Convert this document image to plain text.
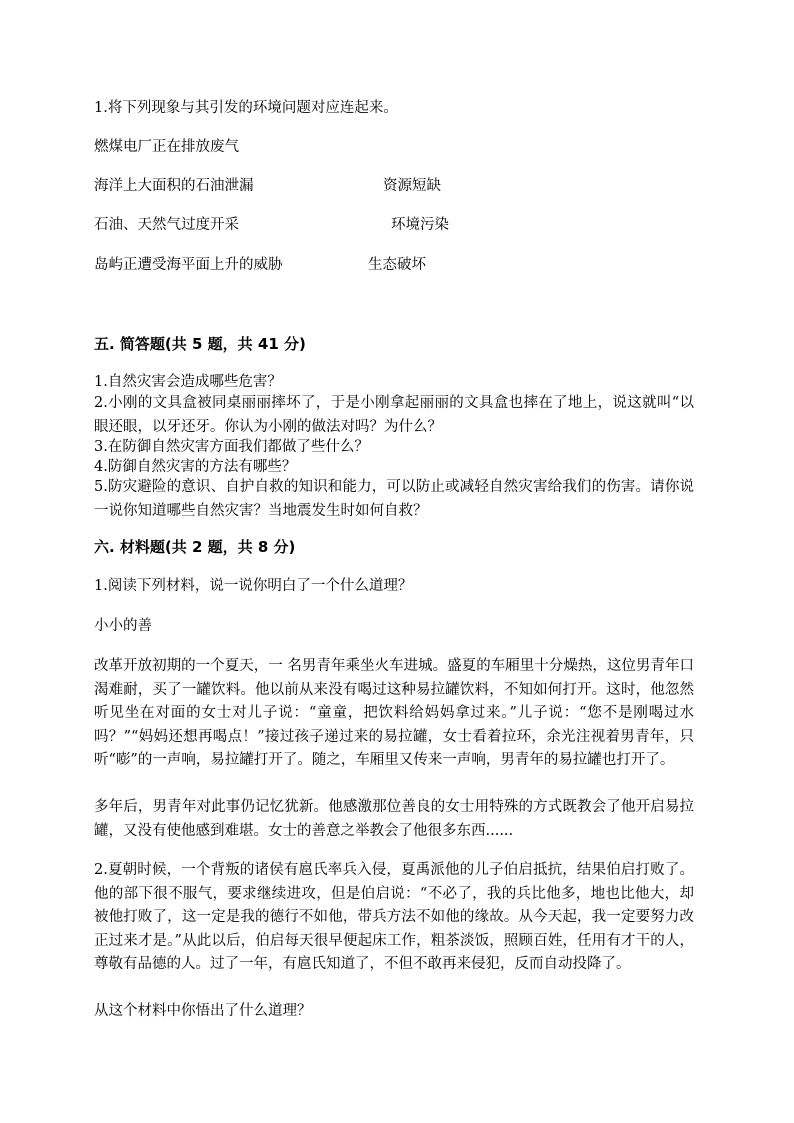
1.将下列现象与其引发的环境问题对应连起来。
燃煤电厂正在排放废气
海洋上大面积的石油泄漏	资源短缺
石油、天然气过度开采	环境污染
岛屿正遭受海平面上升的威胁	生态破坏
五. 简答题(共 5 题，共 41 分)
1.自然灾害会造成哪些危害？
2.小刚的文具盒被同桌丽丽摔坏了，于是小刚拿起丽丽的文具盒也摔在了地上，说这就叫“以眼还眼，以牙还牙。你认为小刚的做法对吗？为什么？
3.在防御自然灾害方面我们都做了些什么？
4.防御自然灾害的方法有哪些？
5.防灾避险的意识、自护自救的知识和能力，可以防止或减轻自然灾害给我们的伤害。请你说一说你知道哪些自然灾害？当地震发生时如何自救？
六. 材料题(共 2 题，共 8 分)
1.阅读下列材料，说一说你明白了一个什么道理？
小小的善
改革开放初期的一个夏天，一 名男青年乘坐火车进城。盛夏的车厢里十分燥热，这位男青年口渴难耐，买了一罐饮料。他以前从来没有喝过这种易拉罐饮料，不知如何打开。这时，他忽然听见坐在对面的女士对儿子说：“童童，把饮料给妈妈拿过来。”儿子说：“您不是刚喝过水吗？”“妈妈还想再喝点！”接过孩子递过来的易拉罐，女士看着拉环，余光注视着男青年，只听“嘭”的一声响，易拉罐打开了。随之，车厢里又传来一声响，男青年的易拉罐也打开了。
多年后，男青年对此事仍记忆犹新。他感激那位善良的女士用特殊的方式既教会了他开启易拉罐，又没有使他感到难堪。女士的善意之举教会了他很多东西......
2.夏朝时候，一个背叛的诸侯有扈氏率兵入侵，夏禹派他的儿子伯启抵抗，结果伯启打败了。他的部下很不服气，要求继续进攻，但是伯启说：“不必了，我的兵比他多，地也比他大，却被他打败了，这一定是我的德行不如他，带兵方法不如他的缘故。从今天起，我一定要努力改正过来才是。”从此以后，伯启每天很早便起床工作，粗茶淡饭，照顾百姓，任用有才干的人，尊敬有品德的人。过了一年，有扈氏知道了，不但不敢再来侵犯，反而自动投降了。
从这个材料中你悟出了什么道理？
